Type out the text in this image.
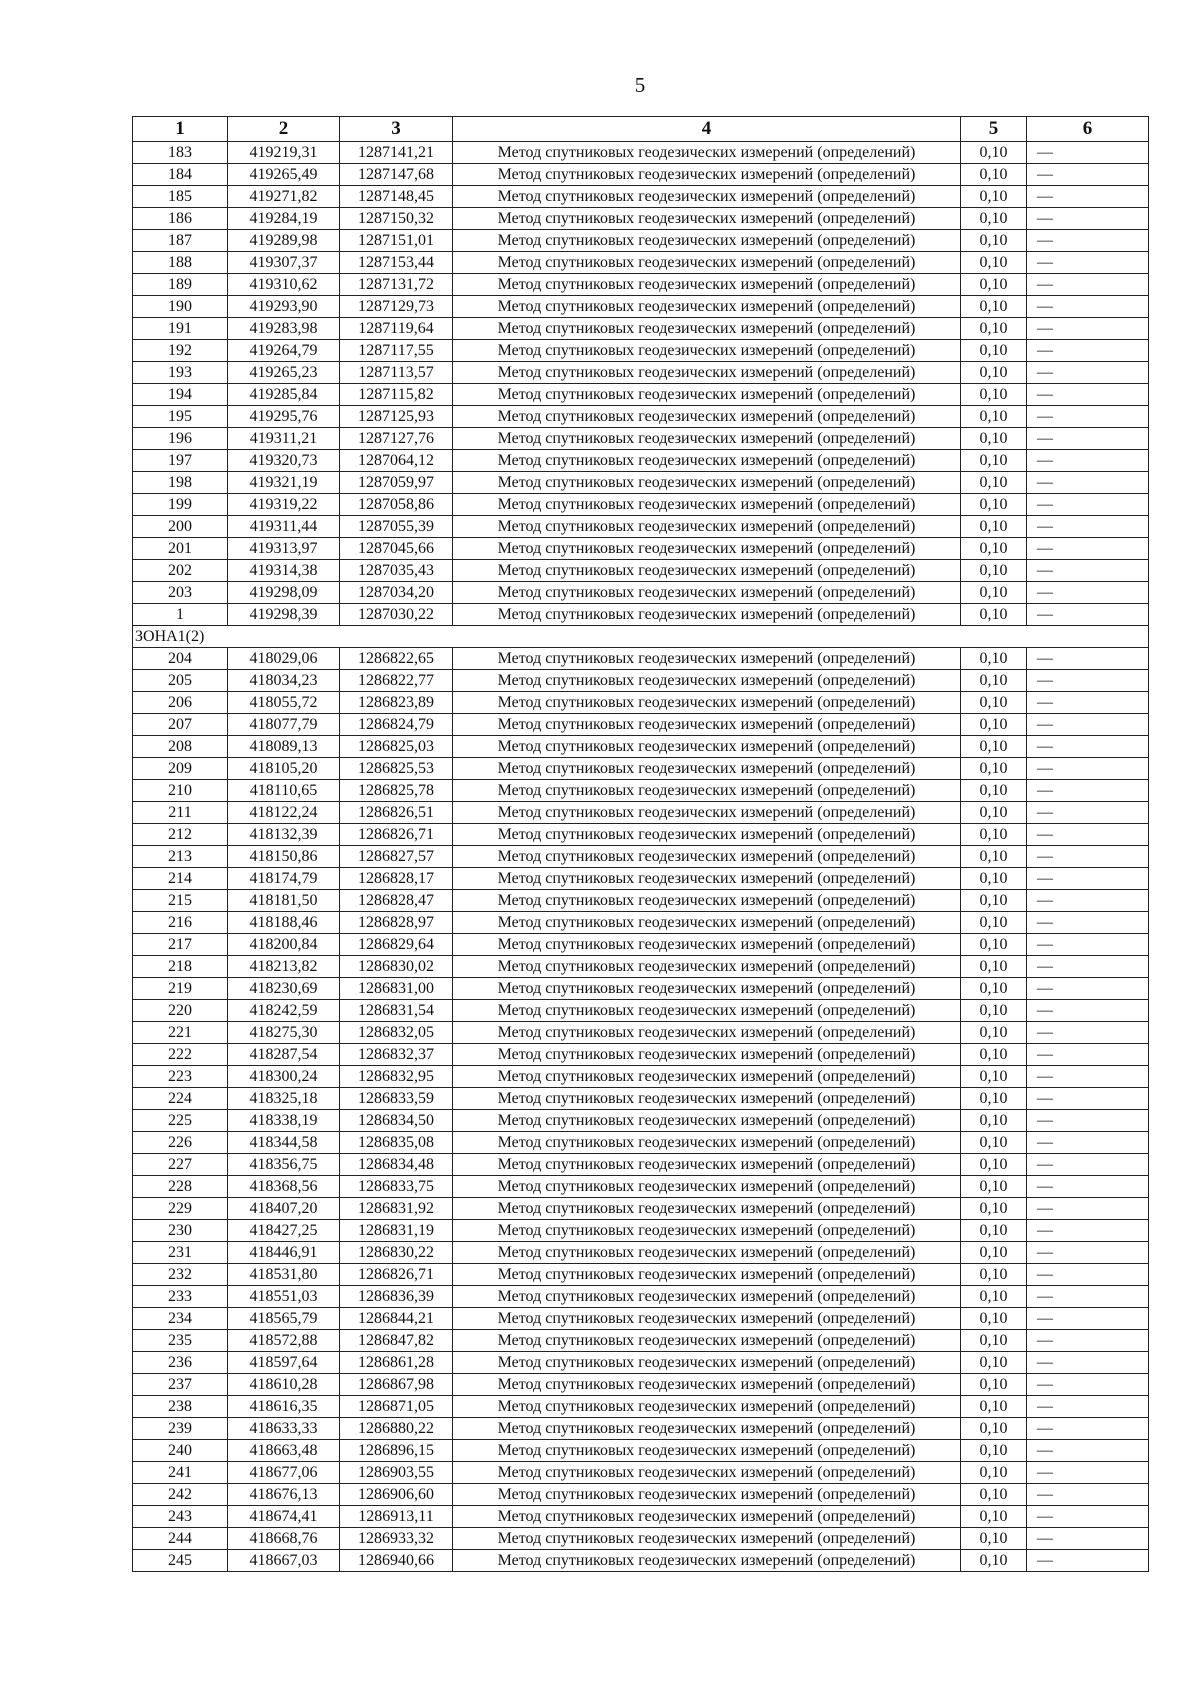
5
1	2	3	4	5	6
183	419219,31	1287141,21	Метод спутниковых геодезических измерений (определений)	0,10	—
184	419265,49	1287147,68	Метод спутниковых геодезических измерений (определений)	0,10	—
185	419271,82	1287148,45	Метод спутниковых геодезических измерений (определений)	0,10	—
186	419284,19	1287150,32	Метод спутниковых геодезических измерений (определений)	0,10	—
187	419289,98	1287151,01	Метод спутниковых геодезических измерений (определений)	0,10	—
188	419307,37	1287153,44	Метод спутниковых геодезических измерений (определений)	0,10	—
189	419310,62	1287131,72	Метод спутниковых геодезических измерений (определений)	0,10	—
190	419293,90	1287129,73	Метод спутниковых геодезических измерений (определений)	0,10	—
191	419283,98	1287119,64	Метод спутниковых геодезических измерений (определений)	0,10	—
192	419264,79	1287117,55	Метод спутниковых геодезических измерений (определений)	0,10	—
193	419265,23	1287113,57	Метод спутниковых геодезических измерений (определений)	0,10	—
194	419285,84	1287115,82	Метод спутниковых геодезических измерений (определений)	0,10	—
195	419295,76	1287125,93	Метод спутниковых геодезических измерений (определений)	0,10	—
196	419311,21	1287127,76	Метод спутниковых геодезических измерений (определений)	0,10	—
197	419320,73	1287064,12	Метод спутниковых геодезических измерений (определений)	0,10	—
198	419321,19	1287059,97	Метод спутниковых геодезических измерений (определений)	0,10	—
199	419319,22	1287058,86	Метод спутниковых геодезических измерений (определений)	0,10	—
200	419311,44	1287055,39	Метод спутниковых геодезических измерений (определений)	0,10	—
201	419313,97	1287045,66	Метод спутниковых геодезических измерений (определений)	0,10	—
202	419314,38	1287035,43	Метод спутниковых геодезических измерений (определений)	0,10	—
203	419298,09	1287034,20	Метод спутниковых геодезических измерений (определений)	0,10	—
1	419298,39	1287030,22	Метод спутниковых геодезических измерений (определений)	0,10	—
ЗОНА1(2)					
204	418029,06	1286822,65	Метод спутниковых геодезических измерений (определений)	0,10	—
205	418034,23	1286822,77	Метод спутниковых геодезических измерений (определений)	0,10	—
206	418055,72	1286823,89	Метод спутниковых геодезических измерений (определений)	0,10	—
207	418077,79	1286824,79	Метод спутниковых геодезических измерений (определений)	0,10	—
208	418089,13	1286825,03	Метод спутниковых геодезических измерений (определений)	0,10	—
209	418105,20	1286825,53	Метод спутниковых геодезических измерений (определений)	0,10	—
210	418110,65	1286825,78	Метод спутниковых геодезических измерений (определений)	0,10	—
211	418122,24	1286826,51	Метод спутниковых геодезических измерений (определений)	0,10	—
212	418132,39	1286826,71	Метод спутниковых геодезических измерений (определений)	0,10	—
213	418150,86	1286827,57	Метод спутниковых геодезических измерений (определений)	0,10	—
214	418174,79	1286828,17	Метод спутниковых геодезических измерений (определений)	0,10	—
215	418181,50	1286828,47	Метод спутниковых геодезических измерений (определений)	0,10	—
216	418188,46	1286828,97	Метод спутниковых геодезических измерений (определений)	0,10	—
217	418200,84	1286829,64	Метод спутниковых геодезических измерений (определений)	0,10	—
218	418213,82	1286830,02	Метод спутниковых геодезических измерений (определений)	0,10	—
219	418230,69	1286831,00	Метод спутниковых геодезических измерений (определений)	0,10	—
220	418242,59	1286831,54	Метод спутниковых геодезических измерений (определений)	0,10	—
221	418275,30	1286832,05	Метод спутниковых геодезических измерений (определений)	0,10	—
222	418287,54	1286832,37	Метод спутниковых геодезических измерений (определений)	0,10	—
223	418300,24	1286832,95	Метод спутниковых геодезических измерений (определений)	0,10	—
224	418325,18	1286833,59	Метод спутниковых геодезических измерений (определений)	0,10	—
225	418338,19	1286834,50	Метод спутниковых геодезических измерений (определений)	0,10	—
226	418344,58	1286835,08	Метод спутниковых геодезических измерений (определений)	0,10	—
227	418356,75	1286834,48	Метод спутниковых геодезических измерений (определений)	0,10	—
228	418368,56	1286833,75	Метод спутниковых геодезических измерений (определений)	0,10	—
229	418407,20	1286831,92	Метод спутниковых геодезических измерений (определений)	0,10	—
230	418427,25	1286831,19	Метод спутниковых геодезических измерений (определений)	0,10	—
231	418446,91	1286830,22	Метод спутниковых геодезических измерений (определений)	0,10	—
232	418531,80	1286826,71	Метод спутниковых геодезических измерений (определений)	0,10	—
233	418551,03	1286836,39	Метод спутниковых геодезических измерений (определений)	0,10	—
234	418565,79	1286844,21	Метод спутниковых геодезических измерений (определений)	0,10	—
235	418572,88	1286847,82	Метод спутниковых геодезических измерений (определений)	0,10	—
236	418597,64	1286861,28	Метод спутниковых геодезических измерений (определений)	0,10	—
237	418610,28	1286867,98	Метод спутниковых геодезических измерений (определений)	0,10	—
238	418616,35	1286871,05	Метод спутниковых геодезических измерений (определений)	0,10	—
239	418633,33	1286880,22	Метод спутниковых геодезических измерений (определений)	0,10	—
240	418663,48	1286896,15	Метод спутниковых геодезических измерений (определений)	0,10	—
241	418677,06	1286903,55	Метод спутниковых геодезических измерений (определений)	0,10	—
242	418676,13	1286906,60	Метод спутниковых геодезических измерений (определений)	0,10	—
243	418674,41	1286913,11	Метод спутниковых геодезических измерений (определений)	0,10	—
244	418668,76	1286933,32	Метод спутниковых геодезических измерений (определений)	0,10	—
245	418667,03	1286940,66	Метод спутниковых геодезических измерений (определений)	0,10	—
